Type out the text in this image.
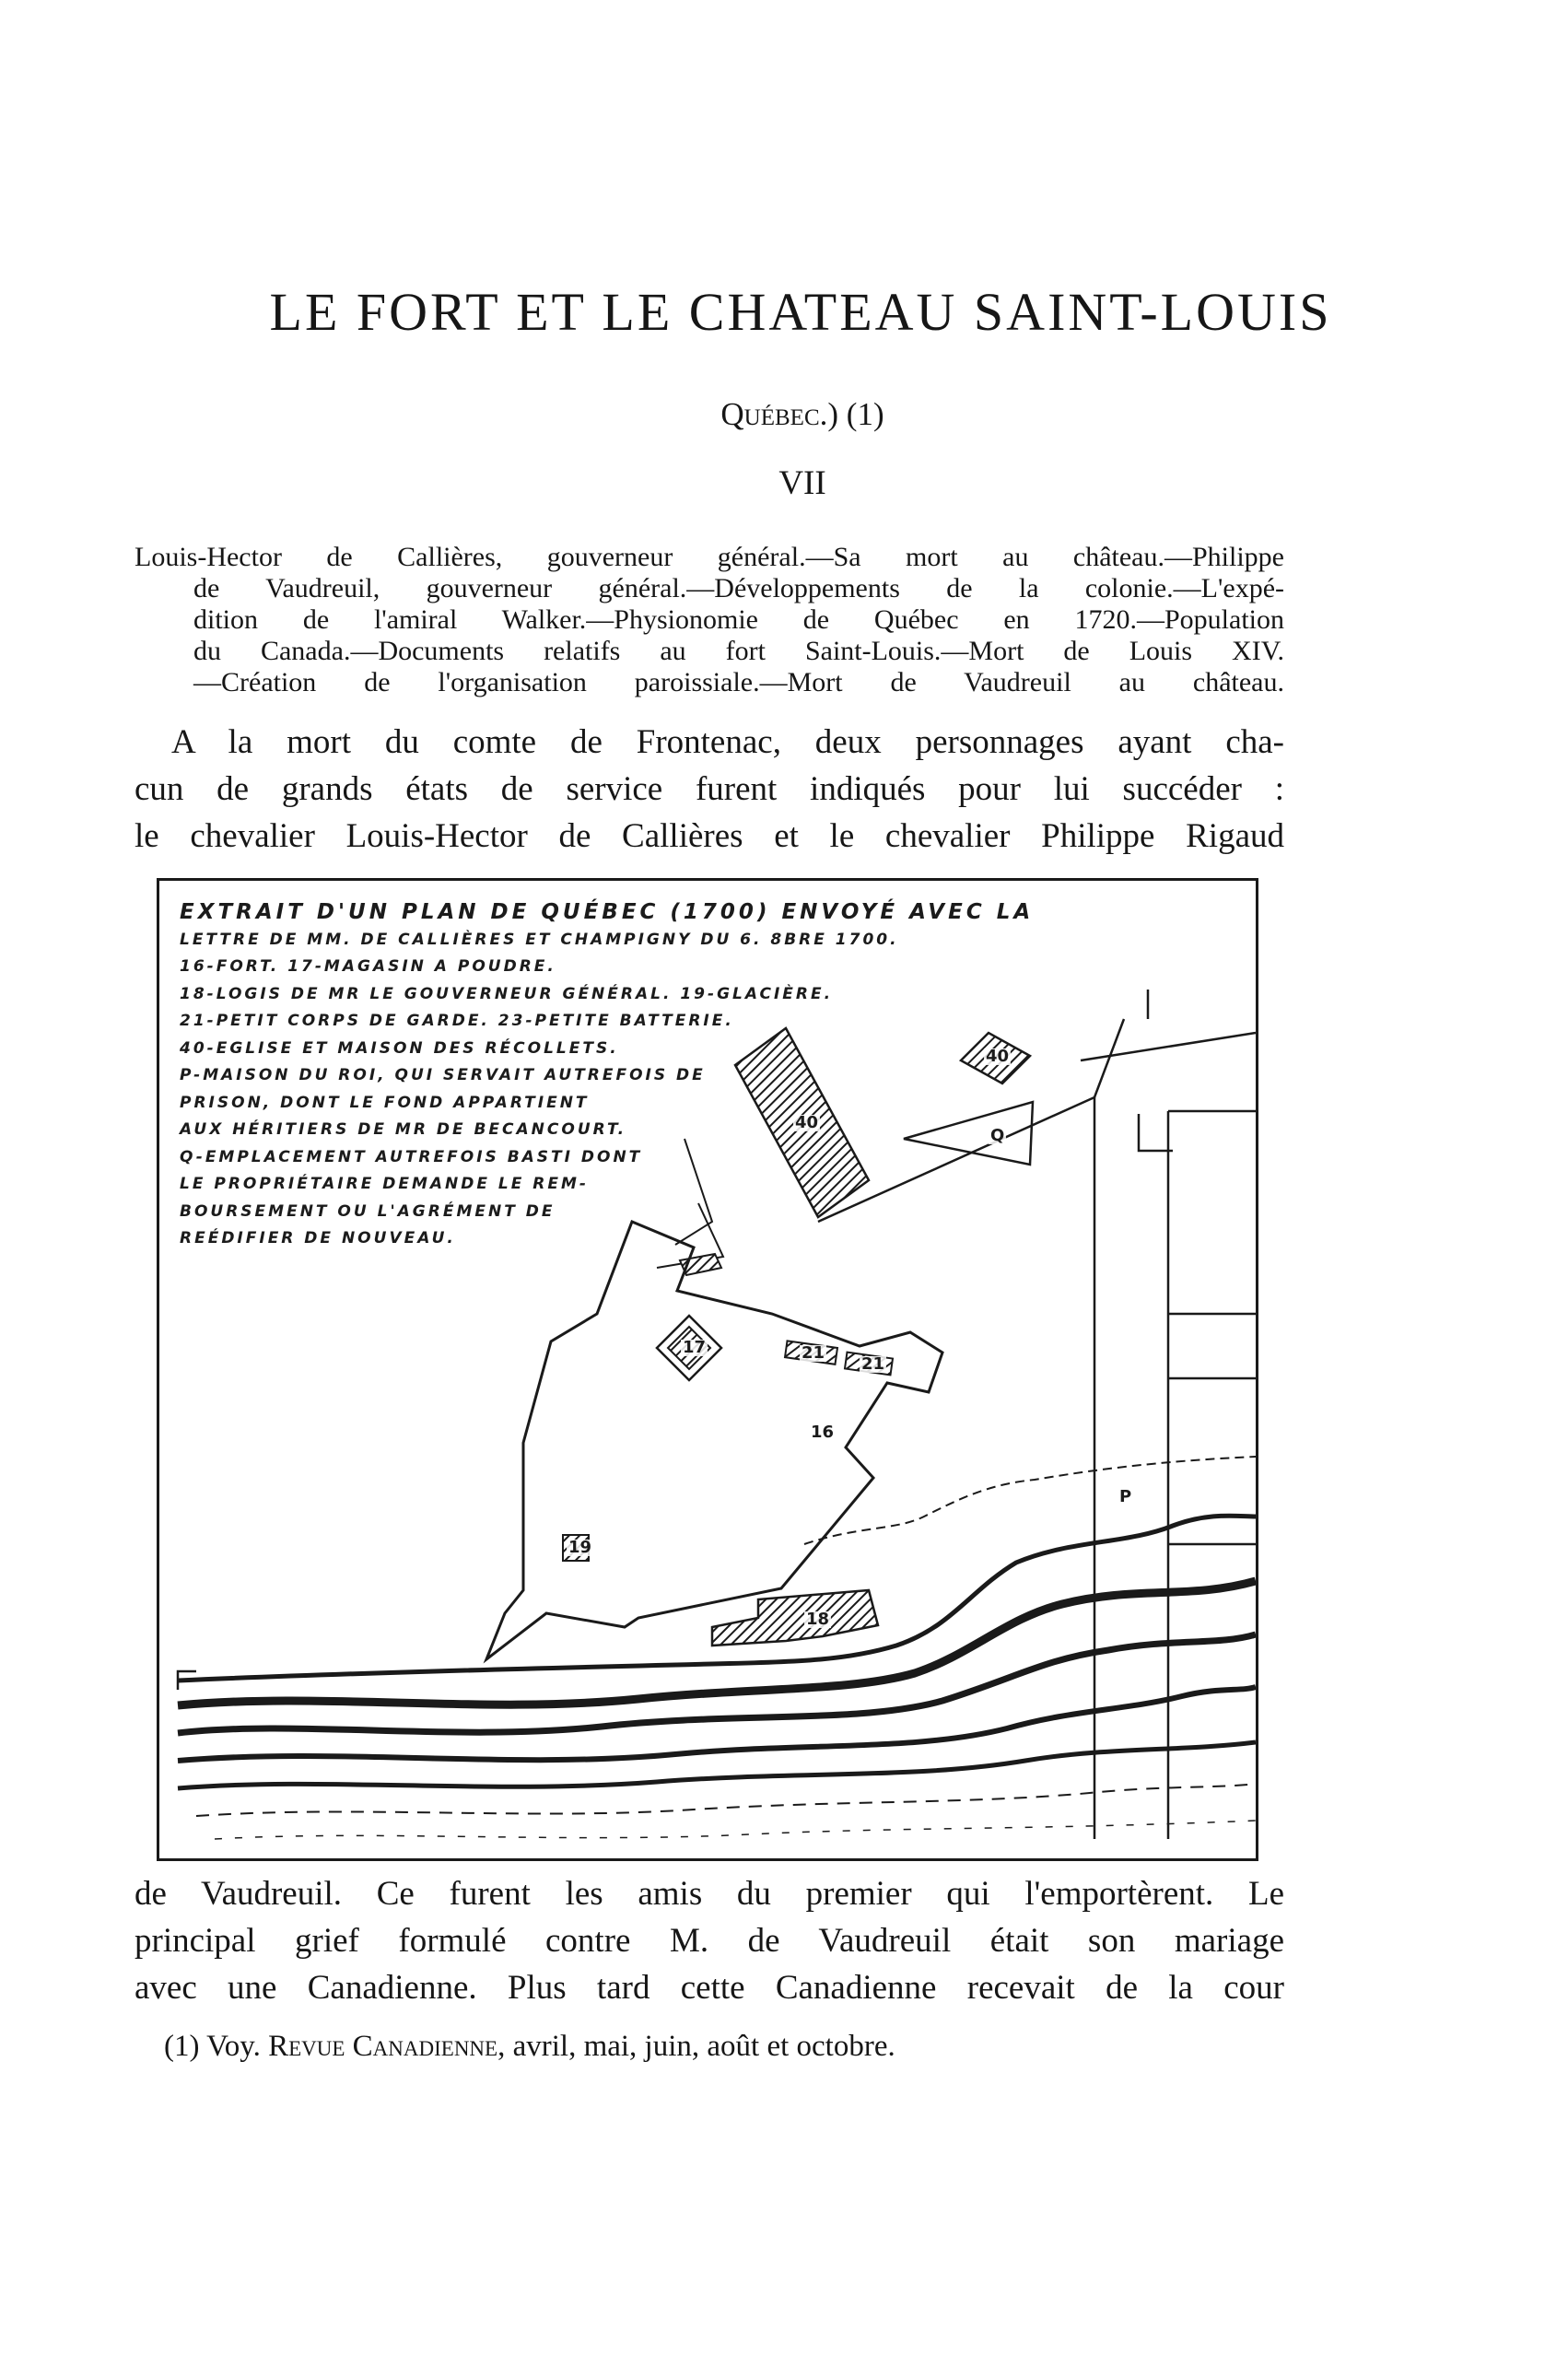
LE FORT ET LE CHATEAU SAINT-LOUIS
Québec.) (1)
VII
Louis-Hector de Callières, gouverneur général.—Sa mort au château.—Philippe
de Vaudreuil, gouverneur général.—Développements de la colonie.—L'expé-
dition de l'amiral Walker.—Physionomie de Québec en 1720.—Population
du Canada.—Documents relatifs au fort Saint-Louis.—Mort de Louis XIV.
—Création de l'organisation paroissiale.—Mort de Vaudreuil au château.
A la mort du comte de Frontenac, deux personnages ayant cha-
cun de grands états de service furent indiqués pour lui succéder :
le chevalier Louis-Hector de Callières et le chevalier Philippe Rigaud
EXTRAIT D'UN PLAN DE QUÉBEC (1700) ENVOYÉ AVEC LA
LETTRE DE MM. DE CALLIÈRES ET CHAMPIGNY DU 6. 8BRE 1700.
16-FORT. 17-MAGASIN A POUDRE.
18-LOGIS DE MR LE GOUVERNEUR GÉNÉRAL. 19-GLACIÈRE.
21-PETIT CORPS DE GARDE. 23-PETITE BATTERIE.
40-EGLISE ET MAISON DES RÉCOLLETS.
P-MAISON DU ROI, QUI SERVAIT AUTREFOIS DE
PRISON, DONT LE FOND APPARTIENT
AUX HÉRITIERS DE MR DE BECANCOURT.
Q-EMPLACEMENT AUTREFOIS BASTI DONT
LE PROPRIÉTAIRE DEMANDE LE REM-
BOURSEMENT OU L'AGRÉMENT DE
REÉDIFIER DE NOUVEAU.
40
40
Q
17	21
21
16
19
18
P
de Vaudreuil. Ce furent les amis du premier qui l'emportèrent. Le
principal grief formulé contre M. de Vaudreuil était son mariage
avec une Canadienne. Plus tard cette Canadienne recevait de la cour
(1) Voy. Revue Canadienne, avril, mai, juin, août et octobre.
